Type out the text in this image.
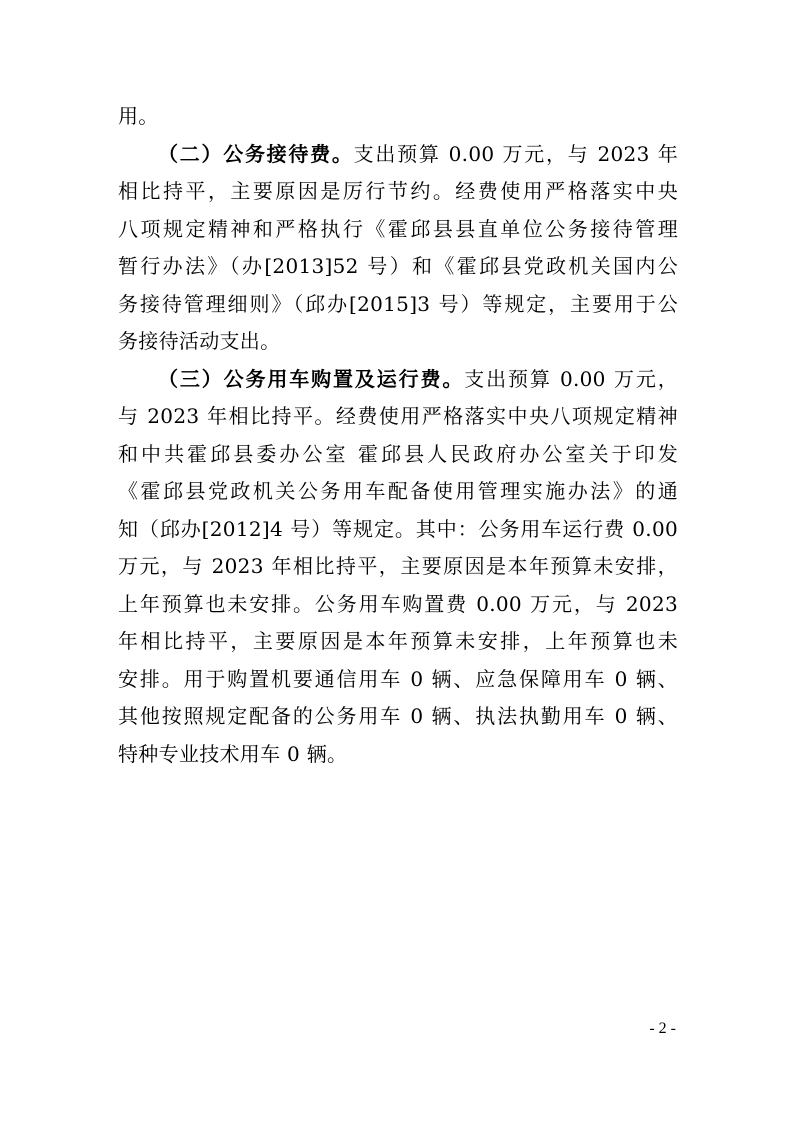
用。
（二）公务接待费。支出预算 0.00 万元，与 2023 年
相比持平，主要原因是厉行节约。经费使用严格落实中央
八项规定精神和严格执行《霍邱县县直单位公务接待管理
暂行办法》（办[2013]52 号）和《霍邱县党政机关国内公
务接待管理细则》（邱办[2015]3 号）等规定，主要用于公
务接待活动支出。
（三）公务用车购置及运行费。支出预算 0.00 万元，
与 2023 年相比持平。经费使用严格落实中央八项规定精神
和中共霍邱县委办公室 霍邱县人民政府办公室关于印发
《霍邱县党政机关公务用车配备使用管理实施办法》的通
知（邱办[2012]4 号）等规定。其中：公务用车运行费 0.00
万元，与 2023 年相比持平，主要原因是本年预算未安排，
上年预算也未安排。公务用车购置费 0.00 万元，与 2023
年相比持平，主要原因是本年预算未安排，上年预算也未
安排。用于购置机要通信用车 0 辆、应急保障用车 0 辆、
其他按照规定配备的公务用车 0 辆、执法执勤用车 0 辆、
特种专业技术用车 0 辆。
- 2 -
